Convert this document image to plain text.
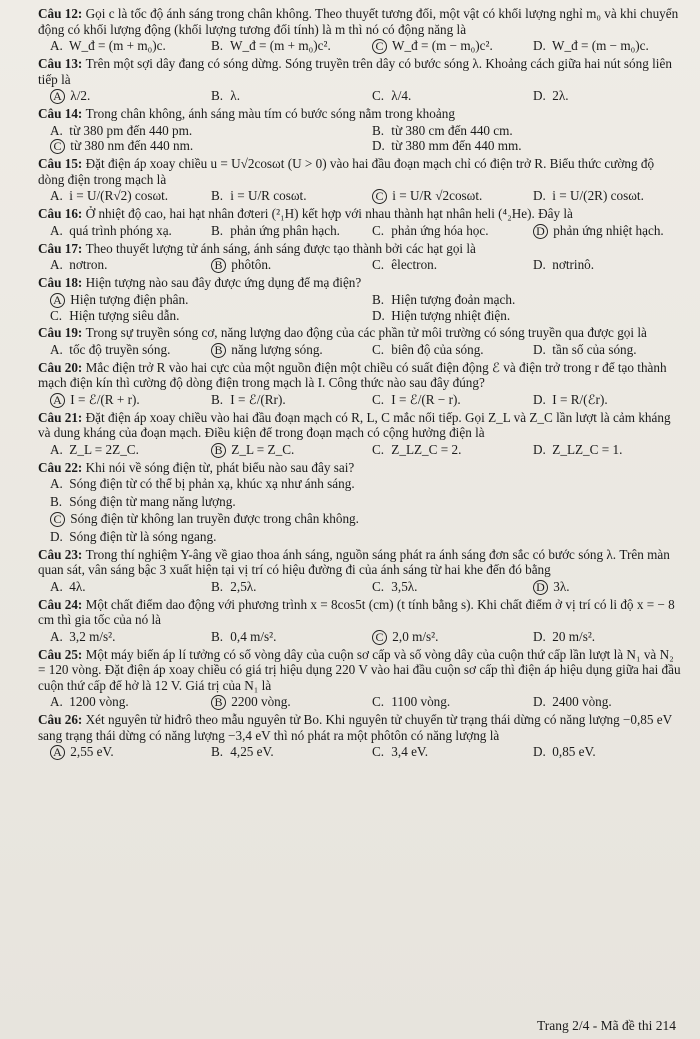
Câu 12: Gọi c là tốc độ ánh sáng trong chân không. Theo thuyết tương đối, một vật có khối lượng nghỉ m₀ và khi chuyển động có khối lượng động (khối lượng tương đối tính) là m thì nó có động năng là

A. W_đ = (m + m₀)c.	B. W_đ = (m + m₀)c².	C W_đ = (m − m₀)c².	D. W_đ = (m − m₀)c.

Câu 13: Trên một sợi dây đang có sóng dừng. Sóng truyền trên dây có bước sóng λ. Khoảng cách giữa hai nút sóng liên tiếp là

A λ/2.	B. λ.	C. λ/4.	D. 2λ.

Câu 14: Trong chân không, ánh sáng màu tím có bước sóng nằm trong khoảng

A. từ 380 pm đến 440 pm.	B. từ 380 cm đến 440 cm.
C từ 380 nm đến 440 nm.	D. từ 380 mm đến 440 mm.

Câu 15: Đặt điện áp xoay chiều u = U√2cosωt (U > 0) vào hai đầu đoạn mạch chỉ có điện trở R. Biểu thức cường độ dòng điện trong mạch là

A. i = U/(R√2) cosωt.	B. i = U/R cosωt.	C i = U/R √2cosωt.	D. i = U/(2R) cosωt.

Câu 16: Ở nhiệt độ cao, hai hạt nhân đơteri (²₁H) kết hợp với nhau thành hạt nhân heli (⁴₂He). Đây là

A. quá trình phóng xạ.	B. phản ứng phân hạch.	C. phản ứng hóa học.	D phản ứng nhiệt hạch.

Câu 17: Theo thuyết lượng tử ánh sáng, ánh sáng được tạo thành bởi các hạt gọi là

A. nơtron.	B phôtôn.	C. êlectron.	D. nơtrinô.

Câu 18: Hiện tượng nào sau đây được ứng dụng để mạ điện?

A Hiện tượng điện phân.	B. Hiện tượng đoản mạch.
C. Hiện tượng siêu dẫn.	D. Hiện tượng nhiệt điện.

Câu 19: Trong sự truyền sóng cơ, năng lượng dao động của các phần tử môi trường có sóng truyền qua được gọi là

A. tốc độ truyền sóng.	B năng lượng sóng.	C. biên độ của sóng.	D. tần số của sóng.

Câu 20: Mắc điện trở R vào hai cực của một nguồn điện một chiều có suất điện động ℰ và điện trở trong r để tạo thành mạch điện kín thì cường độ dòng điện trong mạch là I. Công thức nào sau đây đúng?

A I = ℰ/(R + r).	B. I = ℰ/(Rr).	C. I = ℰ/(R − r).	D. I = R/(ℰr).

Câu 21: Đặt điện áp xoay chiều vào hai đầu đoạn mạch có R, L, C mắc nối tiếp. Gọi Z_L và Z_C lần lượt là cảm kháng và dung kháng của đoạn mạch. Điều kiện để trong đoạn mạch có cộng hưởng điện là

A. Z_L = 2Z_C.	B Z_L = Z_C.	C. Z_LZ_C = 2.	D. Z_LZ_C = 1.

Câu 22: Khi nói về sóng điện từ, phát biểu nào sau đây sai?

A. Sóng điện từ có thể bị phản xạ, khúc xạ như ánh sáng.
B. Sóng điện từ mang năng lượng.
C Sóng điện từ không lan truyền được trong chân không.
D. Sóng điện từ là sóng ngang.

Câu 23: Trong thí nghiệm Y-âng về giao thoa ánh sáng, nguồn sáng phát ra ánh sáng đơn sắc có bước sóng λ. Trên màn quan sát, vân sáng bậc 3 xuất hiện tại vị trí có hiệu đường đi của ánh sáng từ hai khe đến đó bằng

A. 4λ.	B. 2,5λ.	C. 3,5λ.	D 3λ.

Câu 24: Một chất điểm dao động với phương trình x = 8cos5t (cm) (t tính bằng s). Khi chất điểm ở vị trí có li độ x = − 8 cm thì gia tốc của nó là

A. 3,2 m/s².	B. 0,4 m/s².	C 2,0 m/s².	D. 20 m/s².

Câu 25: Một máy biến áp lí tưởng có số vòng dây của cuộn sơ cấp và số vòng dây của cuộn thứ cấp lần lượt là N₁ và N₂ = 120 vòng. Đặt điện áp xoay chiều có giá trị hiệu dụng 220 V vào hai đầu cuộn sơ cấp thì điện áp hiệu dụng giữa hai đầu cuộn thứ cấp để hở là 12 V. Giá trị của N₁ là

A. 1200 vòng.	B 2200 vòng.	C. 1100 vòng.	D. 2400 vòng.

Câu 26: Xét nguyên tử hiđrô theo mẫu nguyên tử Bo. Khi nguyên tử chuyển từ trạng thái dừng có năng lượng −0,85 eV sang trạng thái dừng có năng lượng −3,4 eV thì nó phát ra một phôtôn có năng lượng là

A 2,55 eV.	B. 4,25 eV.	C. 3,4 eV.	D. 0,85 eV.
Trang 2/4 - Mã đề thi 214
